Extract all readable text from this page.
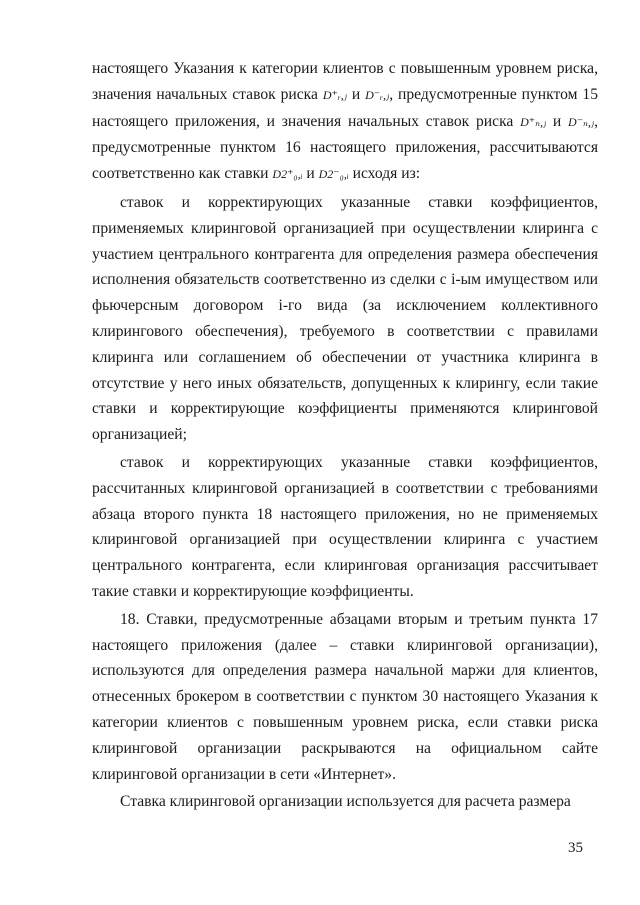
настоящего Указания к категории клиентов с повышенным уровнем риска, значения начальных ставок риска D⁺ᵣ,ⱼ и D⁻ᵣ,ⱼ, предусмотренные пунктом 15 настоящего приложения, и значения начальных ставок риска D⁺ₙ,ⱼ и D⁻ₙ,ⱼ, предусмотренные пунктом 16 настоящего приложения, рассчитываются соответственно как ставки D2⁺₀,ᵢ и D2⁻₀,ᵢ исходя из:

ставок и корректирующих указанные ставки коэффициентов, применяемых клиринговой организацией при осуществлении клиринга с участием центрального контрагента для определения размера обеспечения исполнения обязательств соответственно из сделки с i-ым имуществом или фьючерсным договором i-го вида (за исключением коллективного клирингового обеспечения), требуемого в соответствии с правилами клиринга или соглашением об обеспечении от участника клиринга в отсутствие у него иных обязательств, допущенных к клирингу, если такие ставки и корректирующие коэффициенты применяются клиринговой организацией;

ставок и корректирующих указанные ставки коэффициентов, рассчитанных клиринговой организацией в соответствии с требованиями абзаца второго пункта 18 настоящего приложения, но не применяемых клиринговой организацией при осуществлении клиринга с участием центрального контрагента, если клиринговая организация рассчитывает такие ставки и корректирующие коэффициенты.

18. Ставки, предусмотренные абзацами вторым и третьим пункта 17 настоящего приложения (далее – ставки клиринговой организации), используются для определения размера начальной маржи для клиентов, отнесенных брокером в соответствии с пунктом 30 настоящего Указания к категории клиентов с повышенным уровнем риска, если ставки риска клиринговой организации раскрываются на официальном сайте клиринговой организации в сети «Интернет».

Ставка клиринговой организации используется для расчета размера

35
